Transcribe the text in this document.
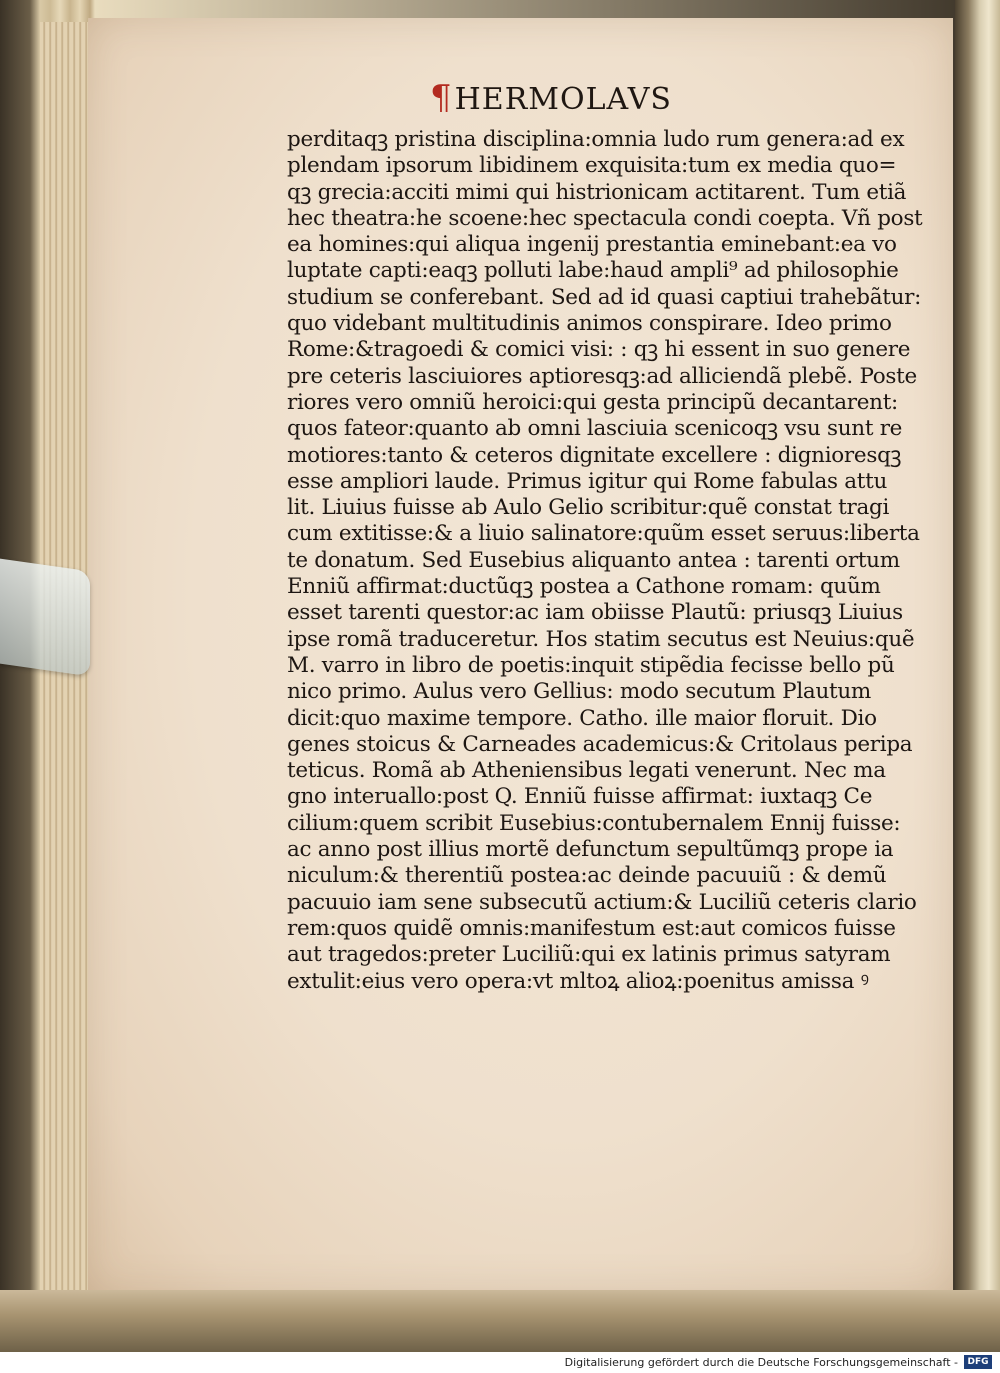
¶HERMOLAVS
perditaqꝫ pristina disciplina:omnia ludo rum genera:ad ex
plendam ipsorum libidinem exquisita:tum ex media quo=
qꝫ grecia:acciti mimi qui histrionicam actitarent. Tum etiã
hec theatra:he scoene:hec spectacula condi coepta. Vñ post
ea homines:qui aliqua ingenij prestantia eminebant:ea vo
luptate capti:eaqꝫ polluti labe:haud ampli⁹ ad philosophie
studium se conferebant. Sed ad id quasi captiui trahebãtur:
quo videbant multitudinis animos conspirare. Ideo primo
Rome:&tragoedi & comici visi: : qꝫ hi essent in suo genere
pre ceteris lasciuiores aptioresqꝫ:ad alliciendã plebẽ. Poste
riores vero omniũ heroici:qui gesta principũ decantarent:
quos fateor:quanto ab omni lasciuia scenicoqꝫ vsu sunt re
motiores:tanto & ceteros dignitate excellere : dignioresqꝫ
esse ampliori laude. Primus igitur qui Rome fabulas attu
lit. Liuius fuisse ab Aulo Gelio scribitur:quẽ constat tragi
cum extitisse:& a liuio salinatore:quũm esset seruus:liberta
te donatum. Sed Eusebius aliquanto antea : tarenti ortum
Enniũ affirmat:ductũqꝫ postea a Cathone romam: quũm
esset tarenti questor:ac iam obiisse Plautũ: priusqꝫ Liuius
ipse romã traduceretur. Hos statim secutus est Neuius:quẽ
M. varro in libro de poetis:inquit stipẽdia fecisse bello pũ
nico primo. Aulus vero Gellius: modo secutum Plautum
dicit:quo maxime tempore. Catho. ille maior floruit. Dio
genes stoicus & Carneades academicus:& Critolaus peripa
teticus. Romã ab Atheniensibus legati venerunt. Nec ma
gno interuallo:post Q. Enniũ fuisse affirmat: iuxtaqꝫ Ce
cilium:quem scribit Eusebius:contubernalem Ennij fuisse:
ac anno post illius mortẽ defunctum sepultũmqꝫ prope ia
niculum:& therentiũ postea:ac deinde pacuuiũ : & demũ
pacuuio iam sene subsecutũ actium:& Luciliũ ceteris clario
rem:quos quidẽ omnis:manifestum est:aut comicos fuisse
aut tragedos:preter Luciliũ:qui ex latinis primus satyram
extulit:eius vero opera:vt mltoꝝ alioꝝ:poenitus amissa ꝰ
Digitalisierung gefördert durch die Deutsche Forschungsgemeinschaft -	DFG
